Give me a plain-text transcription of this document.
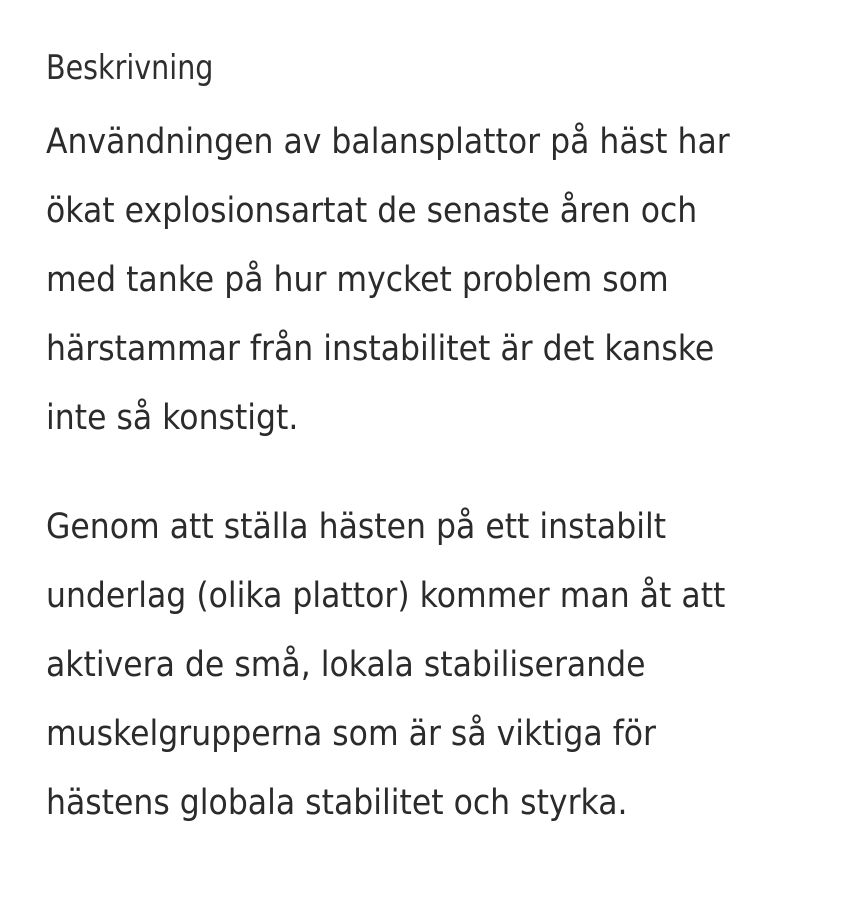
Beskrivning
Användningen av balansplattor på häst har
ökat explosionsartat de senaste åren och
med tanke på hur mycket problem som
härstammar från instabilitet är det kanske
inte så konstigt.
Genom att ställa hästen på ett instabilt
underlag (olika plattor) kommer man åt att
aktivera de små, lokala stabiliserande
muskelgrupperna som är så viktiga för
hästens globala stabilitet och styrka.
